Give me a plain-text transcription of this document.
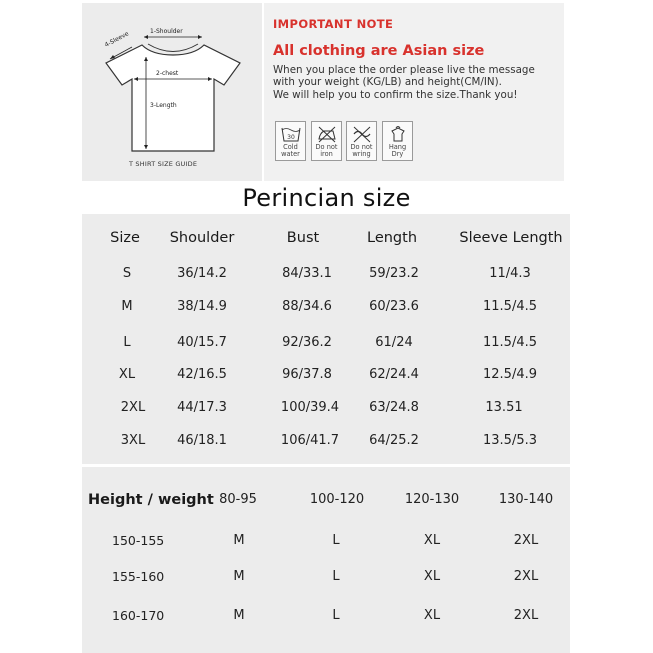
1-Shoulder
2-chest
3-Length
4-Sleeve
T SHIRT SIZE GUIDE
IMPORTANT NOTE
All clothing are Asian size
When you place the order please live the message
with your weight (KG/LB) and height(CM/IN).
We will help you to confirm the size.Thank you!
30
Cold
water
Do not
iron
Do not
wring
Hang
Dry
Perincian size
Size Shoulder	Bust	Length	Sleeve Length
S	36/14.2	84/33.1	59/23.2	11/4.3
M	38/14.9	88/34.6	60/23.6	11.5/4.5
L	40/15.7	92/36.2	61/24	11.5/4.5
XL	42/16.5	96/37.8	62/24.4	12.5/4.9
2XL 44/17.3	100/39.4 63/24.8	13.51
3XL 46/18.1	106/41.7 64/25.2	13.5/5.3
Height / weight 80-95	100-120	120-130	130-140
150-155	M	L	XL	2XL
155-160	M	L	XL	2XL
160-170	M	L	XL	2XL
